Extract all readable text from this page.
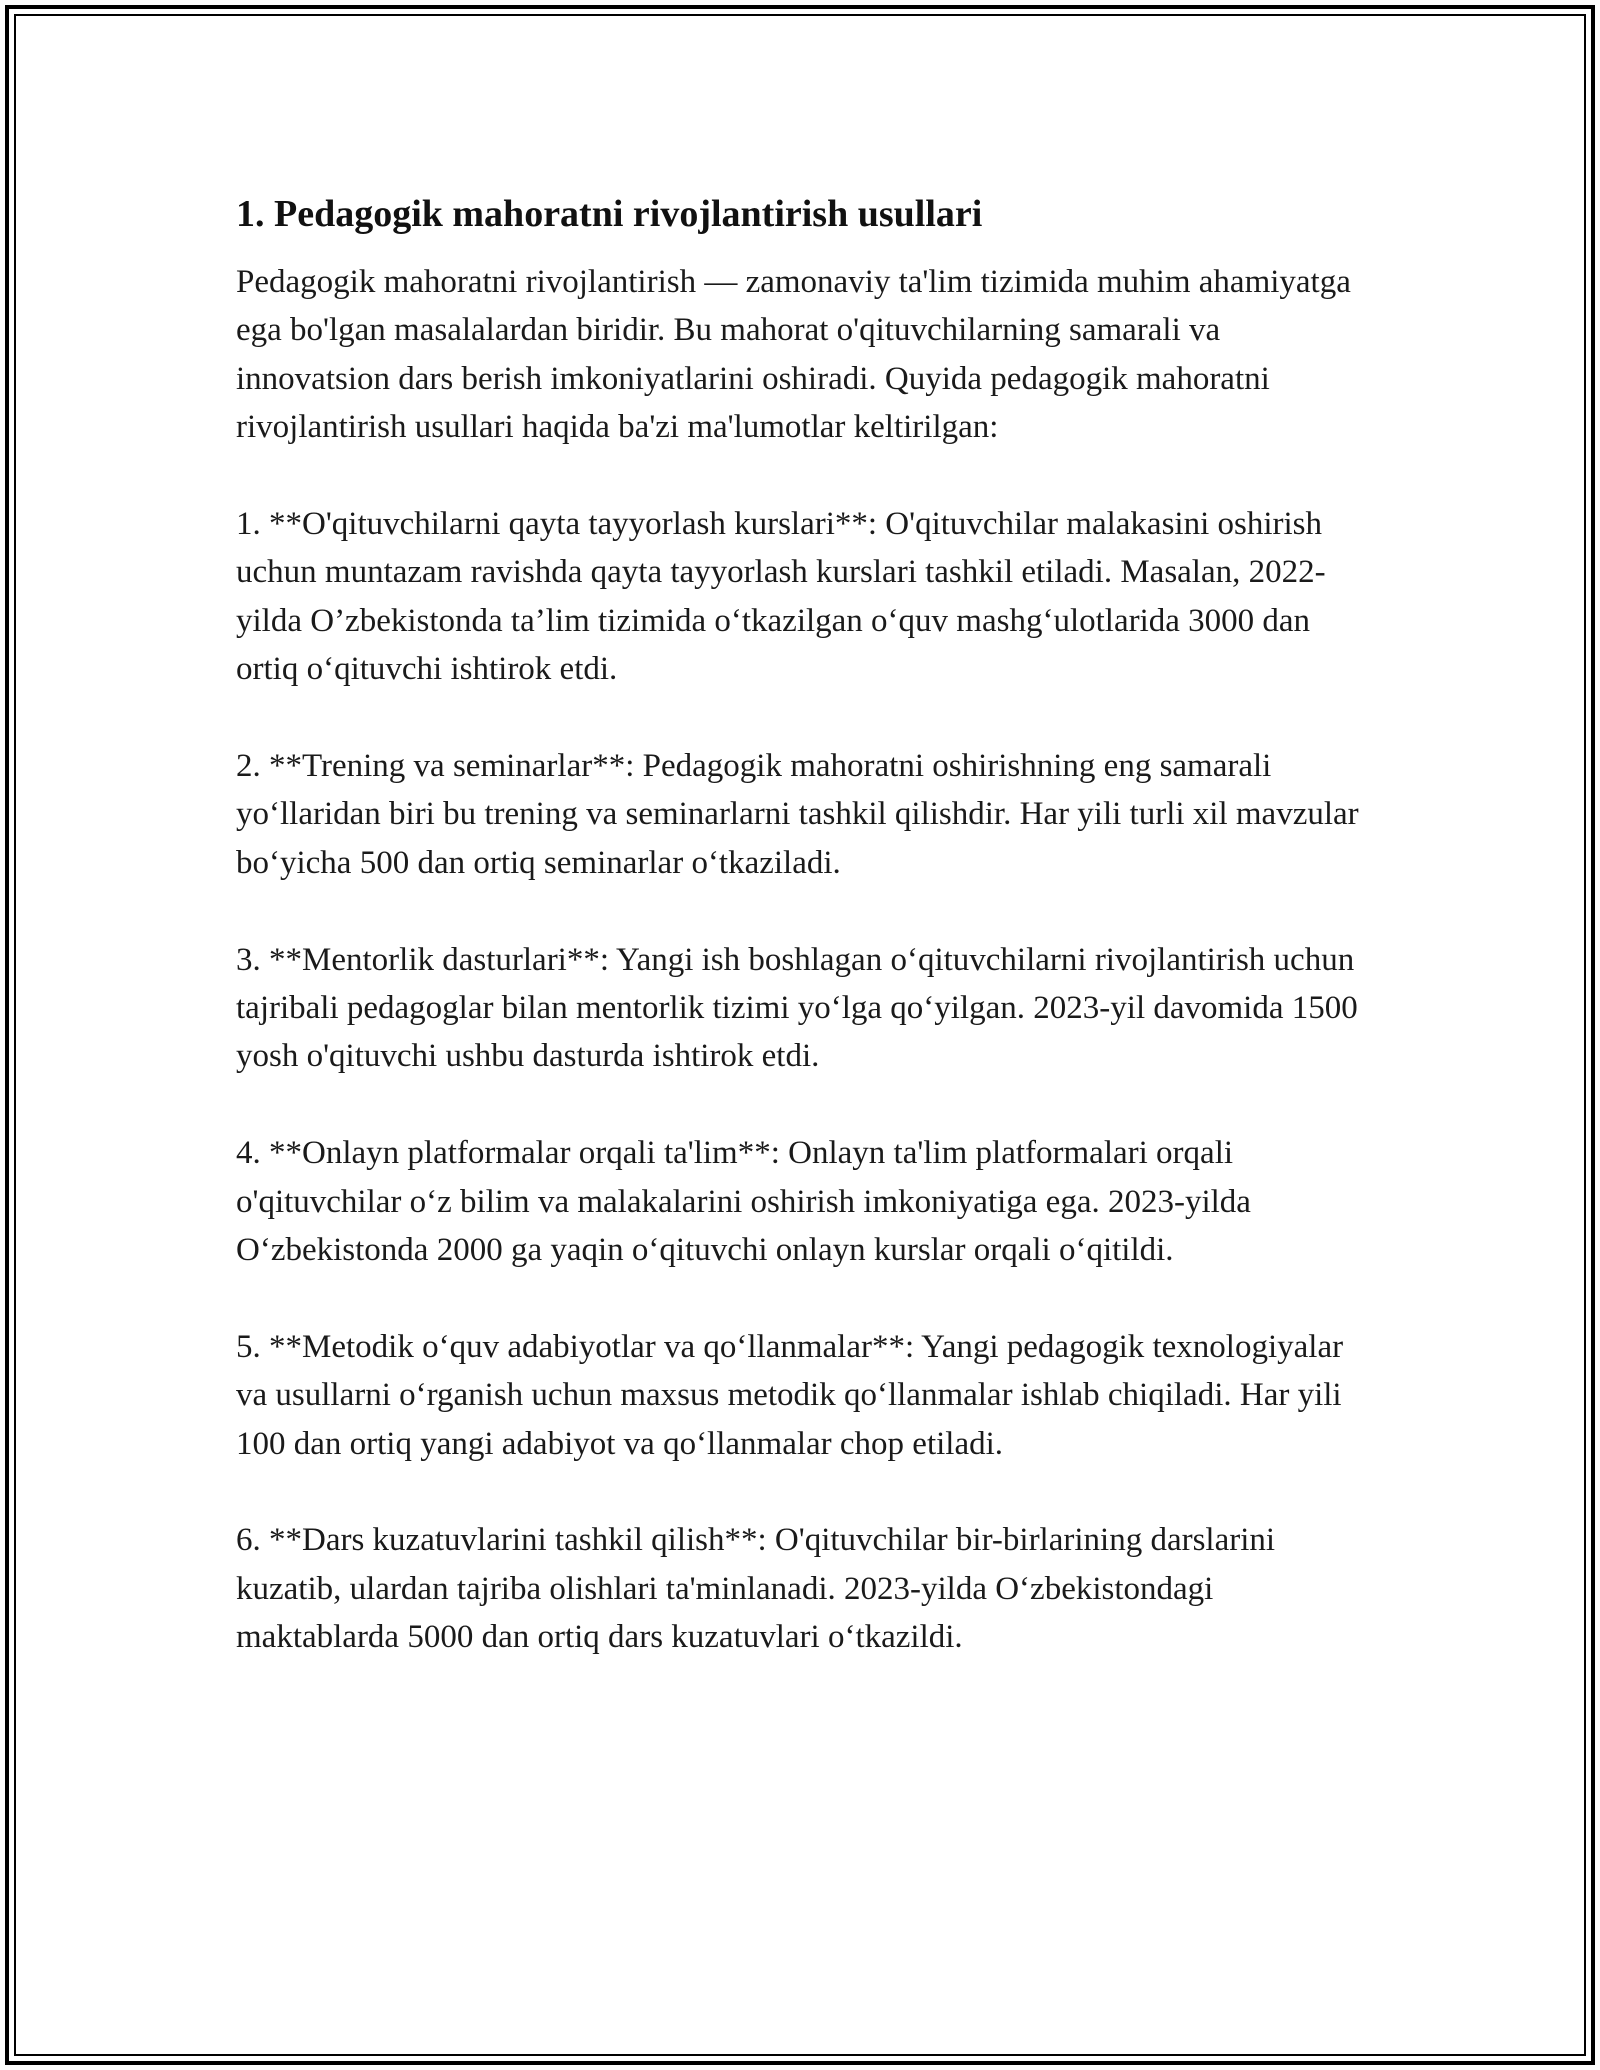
1. Pedagogik mahoratni rivojlantirish usullari

Pedagogik mahoratni rivojlantirish — zamonaviy ta'lim tizimida muhim ahamiyatga ega bo'lgan masalalardan biridir. Bu mahorat o'qituvchilarning samarali va innovatsion dars berish imkoniyatlarini oshiradi. Quyida pedagogik mahoratni rivojlantirish usullari haqida ba'zi ma'lumotlar keltirilgan:

1. **O'qituvchilarni qayta tayyorlash kurslari**: O'qituvchilar malakasini oshirish uchun muntazam ravishda qayta tayyorlash kurslari tashkil etiladi. Masalan, 2022-yilda O’zbekistonda ta’lim tizimida oʻtkazilgan oʻquv mashgʻulotlarida 3000 dan ortiq oʻqituvchi ishtirok etdi.

2. **Trening va seminarlar**: Pedagogik mahoratni oshirishning eng samarali yoʻllaridan biri bu trening va seminarlarni tashkil qilishdir. Har yili turli xil mavzular boʻyicha 500 dan ortiq seminarlar oʻtkaziladi.

3. **Mentorlik dasturlari**: Yangi ish boshlagan oʻqituvchilarni rivojlantirish uchun tajribali pedagoglar bilan mentorlik tizimi yoʻlga qoʻyilgan. 2023-yil davomida 1500 yosh o'qituvchi ushbu dasturda ishtirok etdi.

4. **Onlayn platformalar orqali ta'lim**: Onlayn ta'lim platformalari orqali o'qituvchilar oʻz bilim va malakalarini oshirish imkoniyatiga ega. 2023-yilda Oʻzbekistonda 2000 ga yaqin oʻqituvchi onlayn kurslar orqali oʻqitildi.

5. **Metodik oʻquv adabiyotlar va qoʻllanmalar**: Yangi pedagogik texnologiyalar va usullarni oʻrganish uchun maxsus metodik qoʻllanmalar ishlab chiqiladi. Har yili 100 dan ortiq yangi adabiyot va qoʻllanmalar chop etiladi.

6. **Dars kuzatuvlarini tashkil qilish**: O'qituvchilar bir-birlarining darslarini kuzatib, ulardan tajriba olishlari ta'minlanadi. 2023-yilda Oʻzbekistondagi maktablarda 5000 dan ortiq dars kuzatuvlari oʻtkazildi.
